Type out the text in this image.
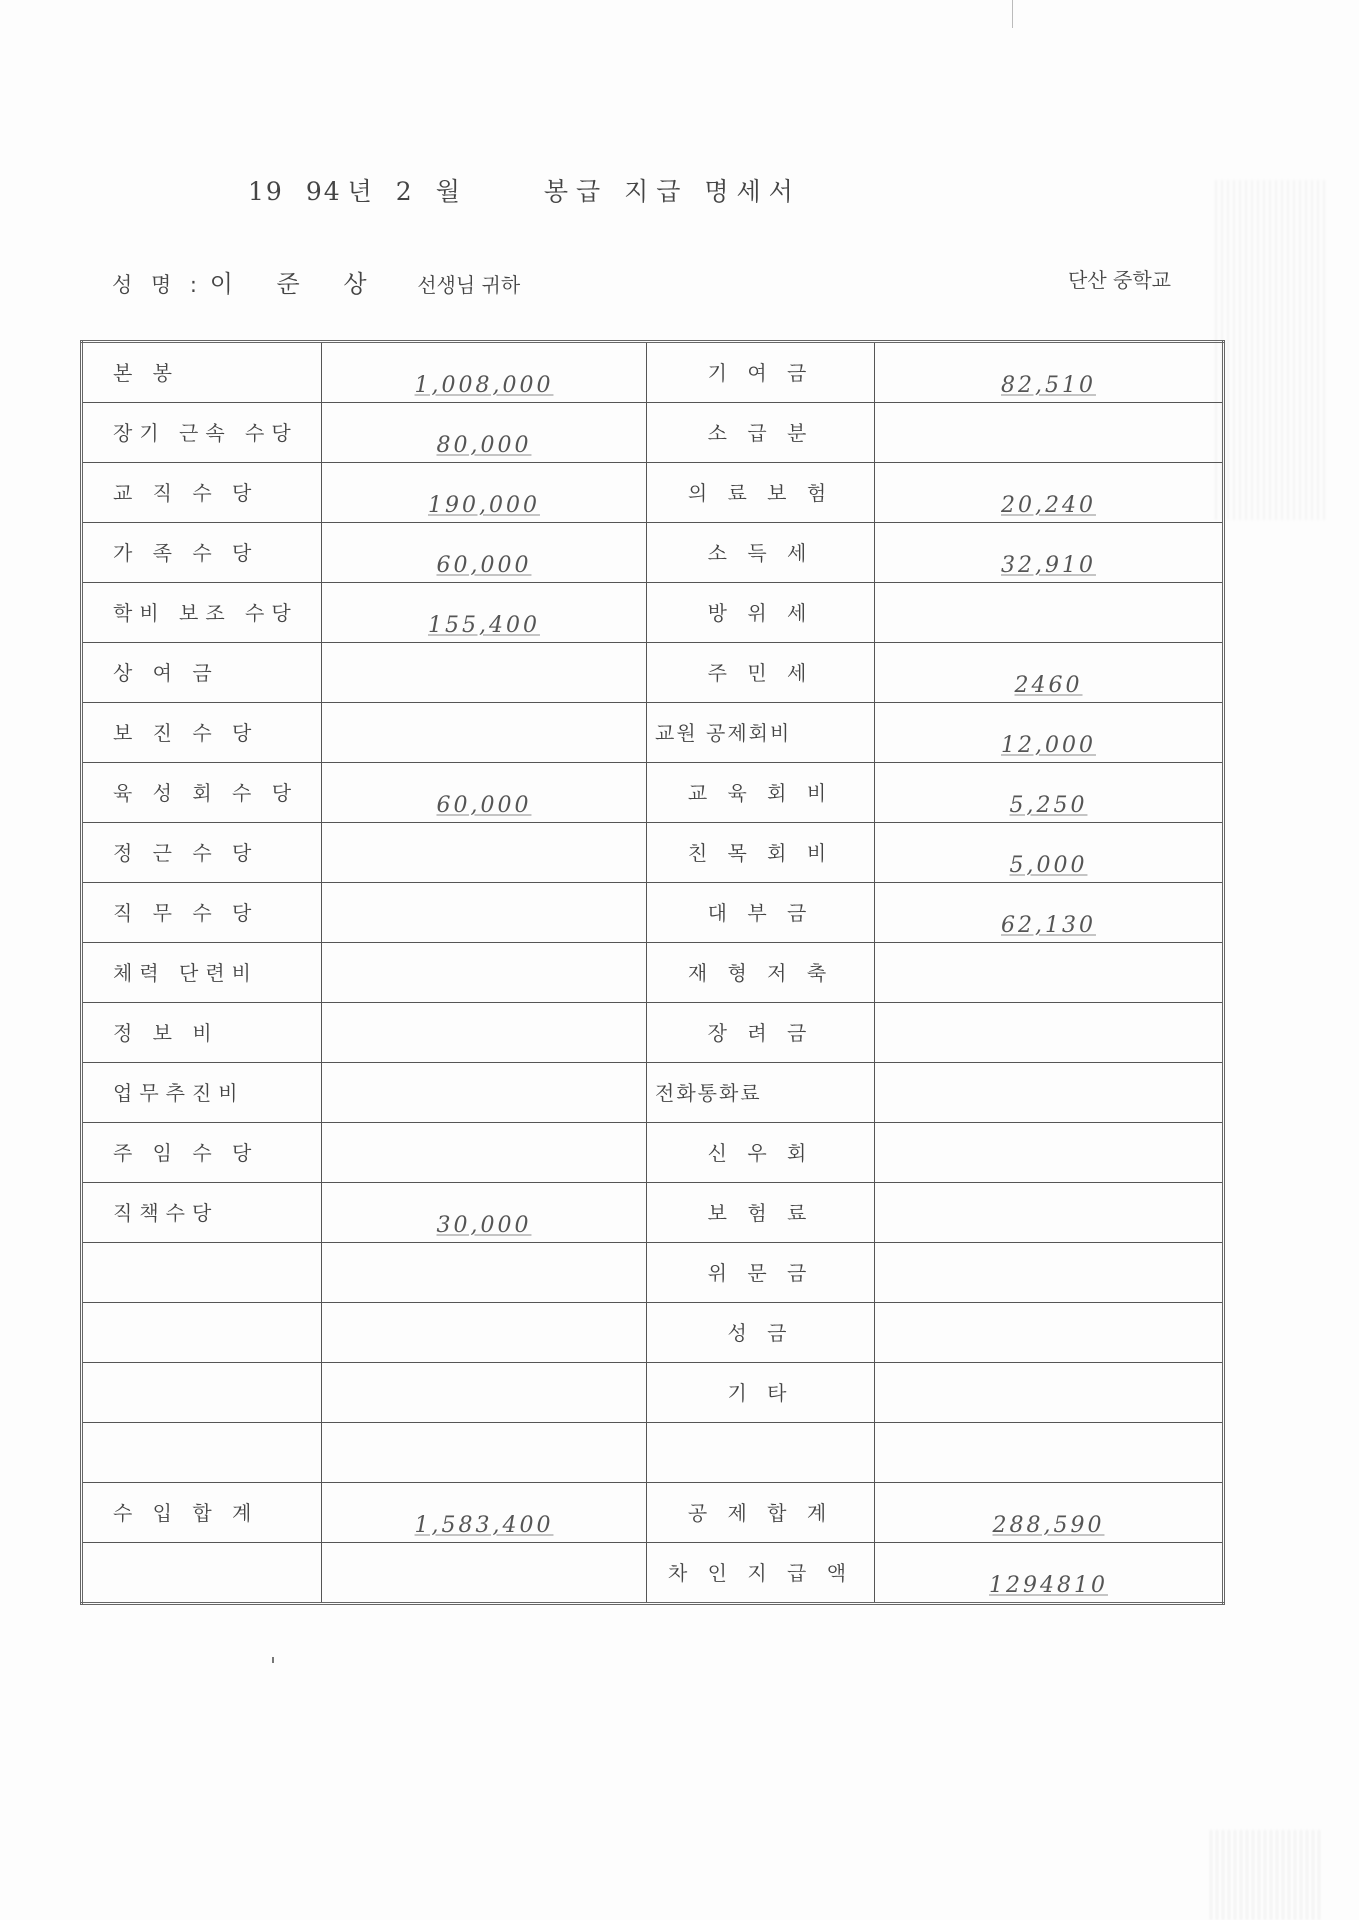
19 94 년 2 월	봉급 지급 명세서
성 명 : 이 준 상 선생님 귀하	단산 중학교
본 봉	1,008,000	기 여 금	82,510

장기 근속 수당	80,000	소 급 분	

교 직 수 당	190,000	의 료 보 험	20,240

가 족 수 당	60,000	소 득 세	32,910

학비 보조 수당	155,400	방 위 세	

상 여 금		주 민 세	2460

보 진 수 당		교원 공제회비	12,000

육 성 회 수 당	60,000	교 육 회 비	5,250

정 근 수 당		친 목 회 비	5,000

직 무 수 당		대 부 금	62,130

체력 단련비		재 형 저 축	

정 보 비		장 려 금	

업무추진비		전화통화료	

주 임 수 당		신 우 회	

직책수당	30,000	보 험 료	

		위 문 금	

		성 금	

		기 타	

수 입 합 계	1,583,400	공 제 합 계	288,590

		차 인 지 급 액	1294810
